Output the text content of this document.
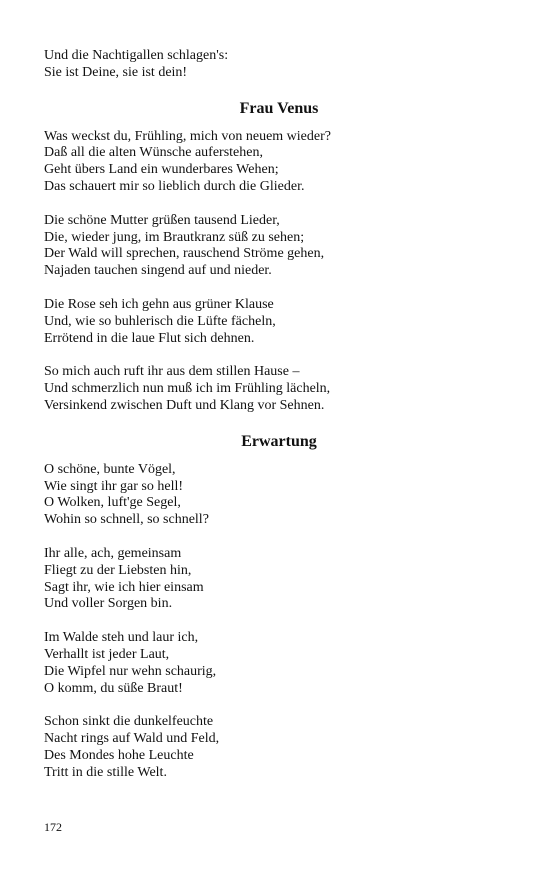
Und die Nachtigallen schlagen's:
Sie ist Deine, sie ist dein!
Frau Venus
Was weckst du, Frühling, mich von neuem wieder?
Daß all die alten Wünsche auferstehen,
Geht übers Land ein wunderbares Wehen;
Das schauert mir so lieblich durch die Glieder.
Die schöne Mutter grüßen tausend Lieder,
Die, wieder jung, im Brautkranz süß zu sehen;
Der Wald will sprechen, rauschend Ströme gehen,
Najaden tauchen singend auf und nieder.
Die Rose seh ich gehn aus grüner Klause
Und, wie so buhlerisch die Lüfte fächeln,
Errötend in die laue Flut sich dehnen.
So mich auch ruft ihr aus dem stillen Hause –
Und schmerzlich nun muß ich im Frühling lächeln,
Versinkend zwischen Duft und Klang vor Sehnen.
Erwartung
O schöne, bunte Vögel,
Wie singt ihr gar so hell!
O Wolken, luft'ge Segel,
Wohin so schnell, so schnell?
Ihr alle, ach, gemeinsam
Fliegt zu der Liebsten hin,
Sagt ihr, wie ich hier einsam
Und voller Sorgen bin.
Im Walde steh und laur ich,
Verhallt ist jeder Laut,
Die Wipfel nur wehn schaurig,
O komm, du süße Braut!
Schon sinkt die dunkelfeuchte
Nacht rings auf Wald und Feld,
Des Mondes hohe Leuchte
Tritt in die stille Welt.
172
